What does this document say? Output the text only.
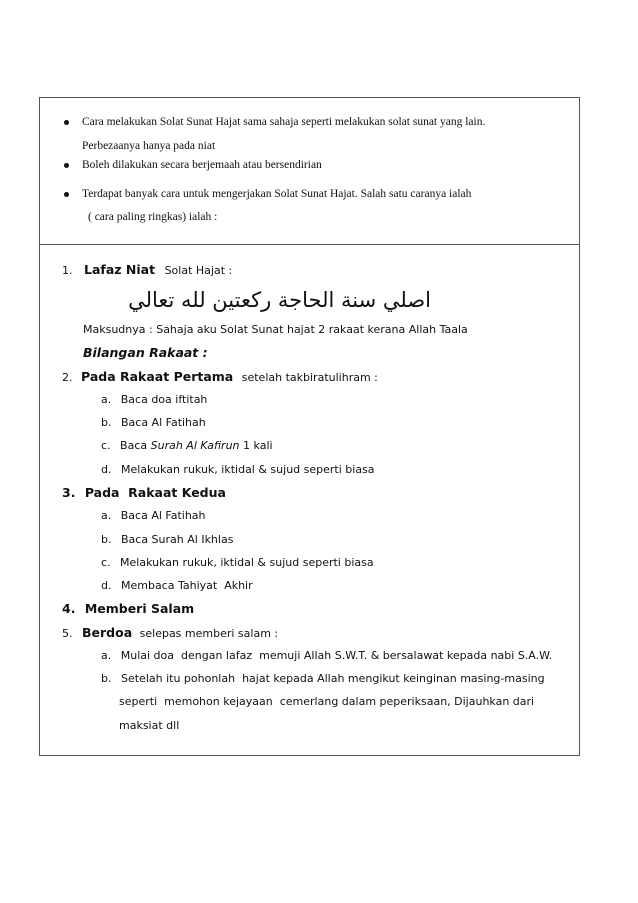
Cara melakukan Solat Sunat Hajat sama sahaja seperti melakukan solat sunat yang lain.
Perbezaanya hanya pada niat
Boleh dilakukan secara berjemaah atau bersendirian
Terdapat banyak cara untuk mengerjakan Solat Sunat Hajat. Salah satu caranya ialah
( cara paling ringkas) ialah :
1. Lafaz Niat Solat Hajat :
اصلي سنة الحاجة ركعتين لله تعالي
Maksudnya : Sahaja aku Solat Sunat hajat 2 rakaat kerana Allah Taala
Bilangan Rakaat :
2. Pada Rakaat Pertama setelah takbiratulihram :
a. Baca doa iftitah
b. Baca Al Fatihah
c. Baca Surah Al Kafirun 1 kali
d. Melakukan rukuk, iktidal & sujud seperti biasa
3. Pada  Rakaat Kedua
a. Baca Al Fatihah
b. Baca Surah Al Ikhlas
c. Melakukan rukuk, iktidal & sujud seperti biasa
d. Membaca Tahiyat  Akhir
4. Memberi Salam
5. Berdoa selepas memberi salam :
a. Mulai doa  dengan lafaz  memuji Allah S.W.T. & bersalawat kepada nabi S.A.W.
b. Setelah itu pohonlah  hajat kepada Allah mengikut keinginan masing-masing
seperti  memohon kejayaan  cemerlang dalam peperiksaan, Dijauhkan dari
maksiat dll
